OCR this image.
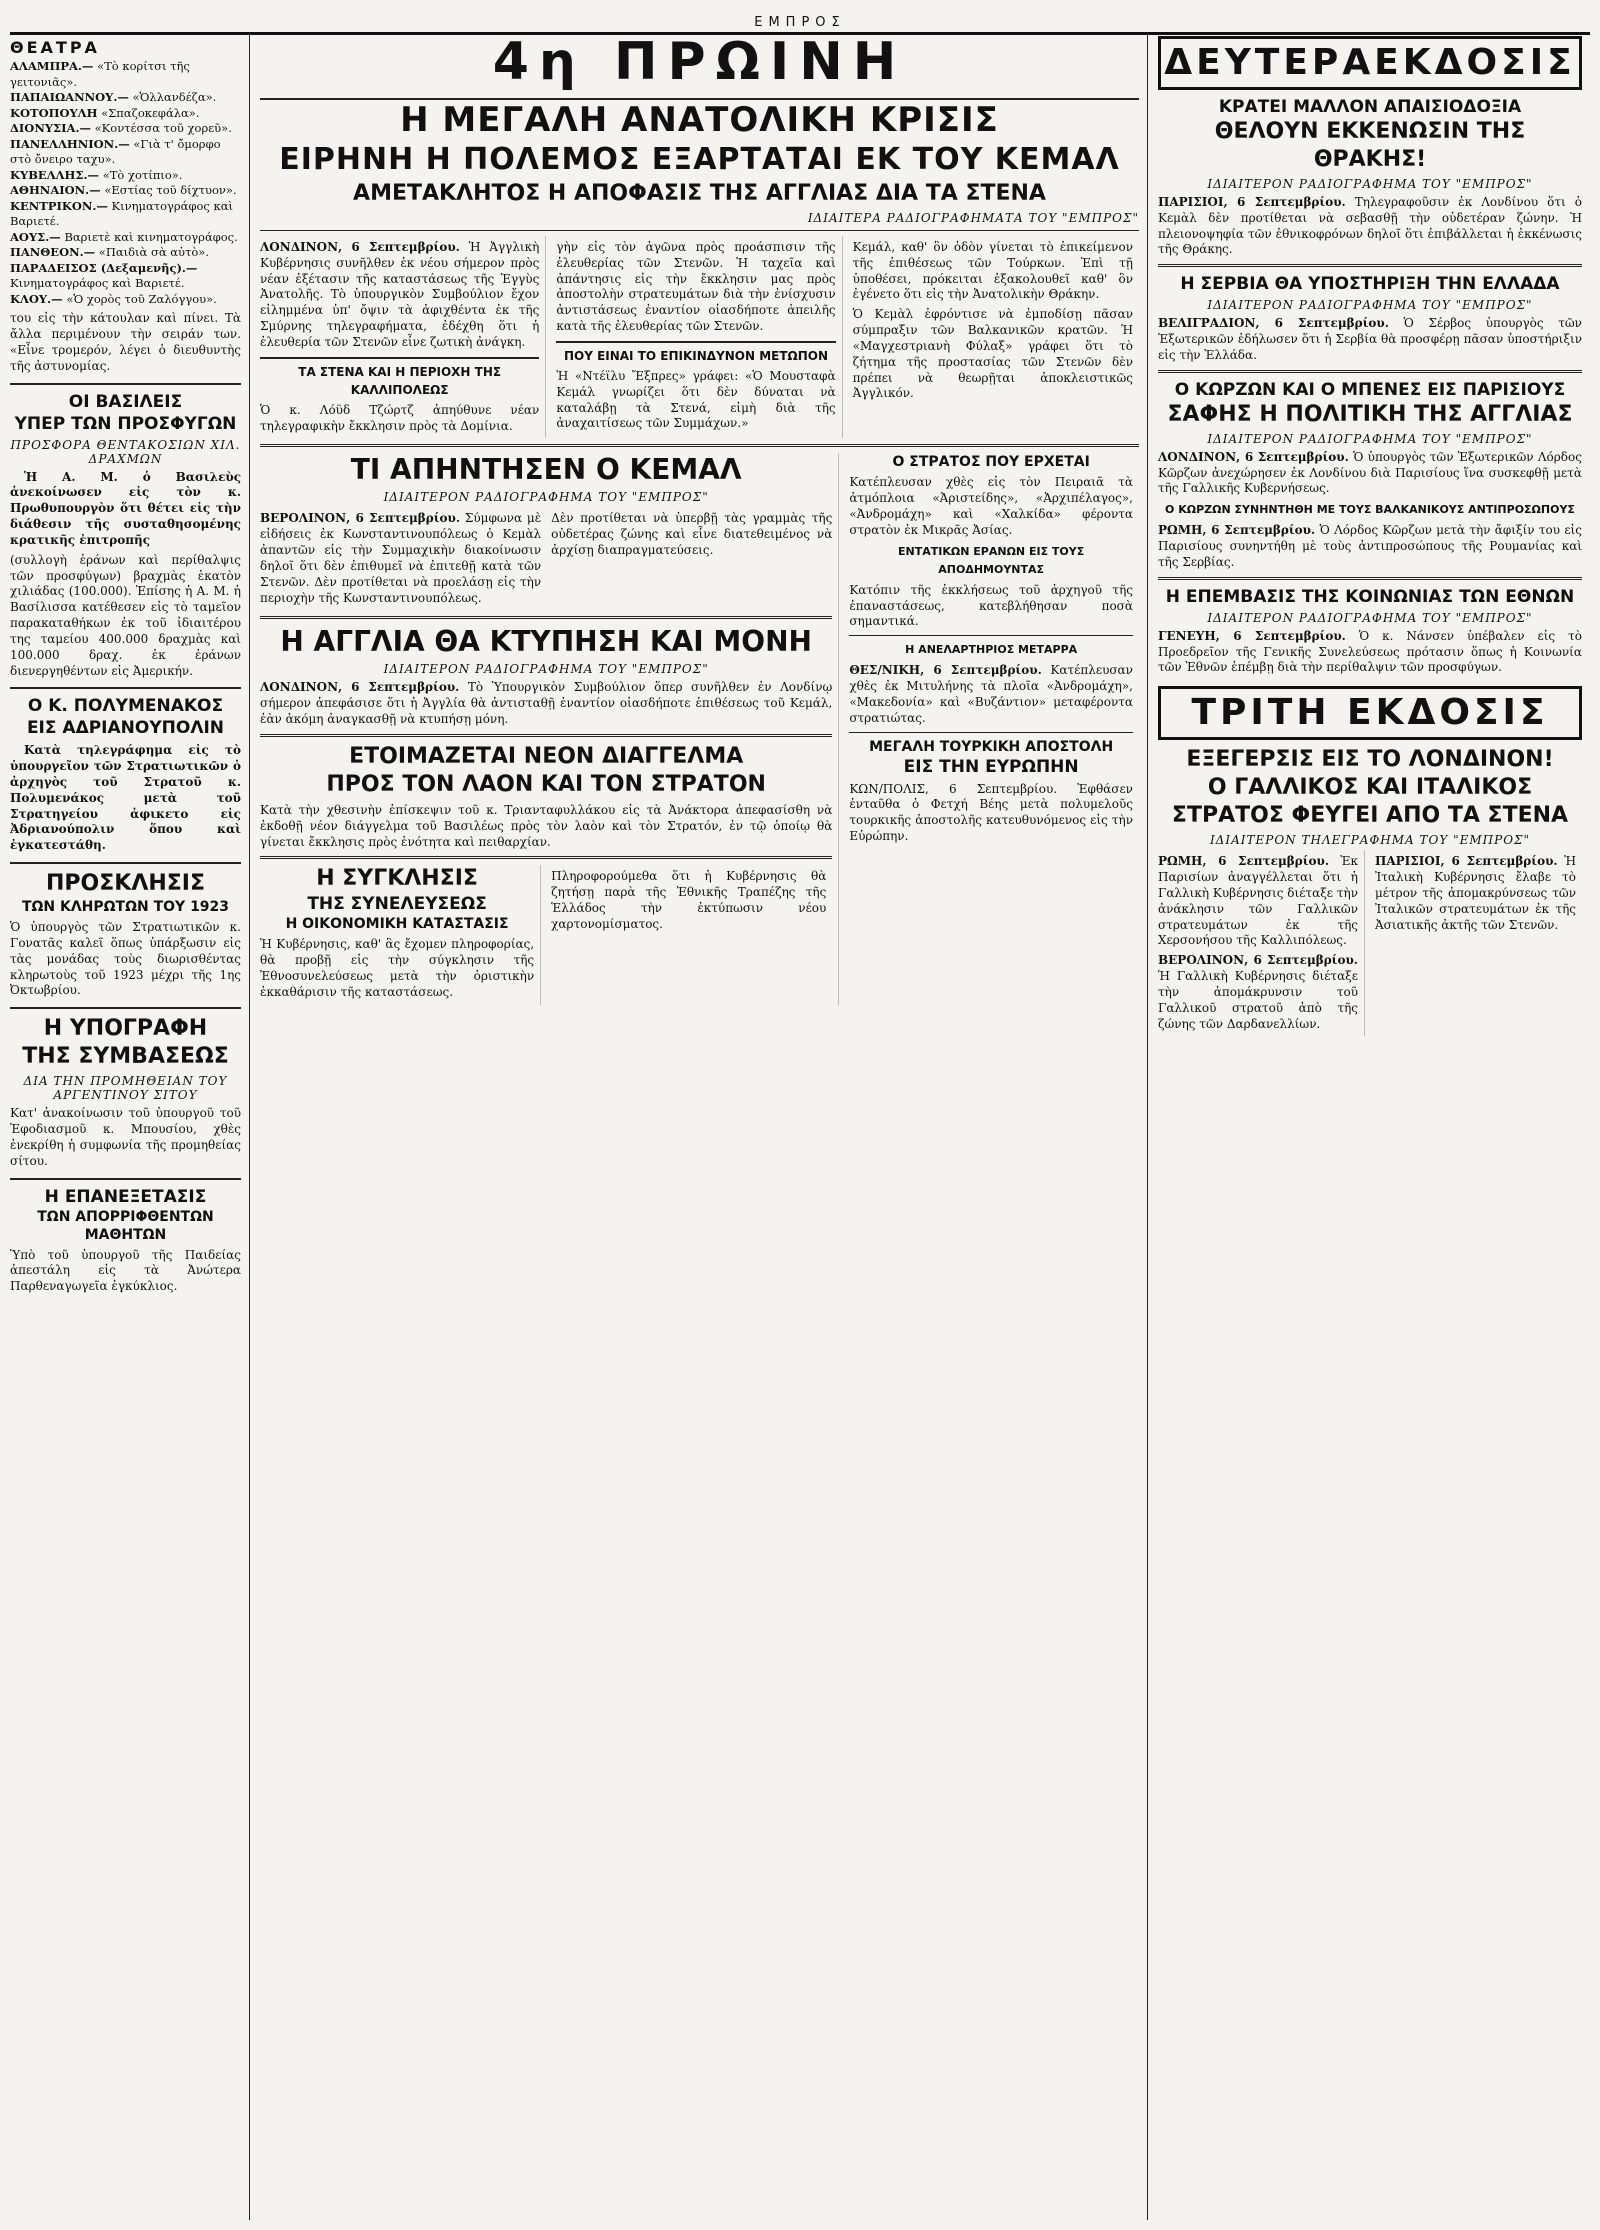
ΕΜΠΡΟΣ
ΘΕΑΤΡΑ
ΑΛΑΜΠΡΑ.— «Τὸ κορίτσι τῆς γειτονιᾶς».
ΠΑΠΑΙΩΑΝΝΟΥ.— «Ὁλλανδέζα».
ΚΟΤΟΠΟΥΛΗ «Σπαζοκεφάλα».
ΔΙΟΝΥΣΙΑ.— «Κοντέσσα τοῦ χορεῦ».
ΠΑΝΕΛΛΗΝΙΟΝ.— «Γιὰ τ' ὄμορφο στὸ ὄνειρο ταχυ».
ΚΥΒΕΛΛΗΣ.— «Τὸ χοτίπιο».
ΑΘΗΝΑΙΟΝ.— «Εστίας τοῦ δίχτυον».
ΚΕΝΤΡΙΚΟΝ.— Κινηματογράφος καὶ Βαριετέ.
ΑΟΥΣ.— Βαριετὲ καὶ κινηματογράφος.
ΠΑΝΘΕΟΝ.— «Παιδιὰ σὰ αὐτὸ».
ΠΑΡΑΔΕΙΣΟΣ (Δεξαμενῆς).— Κινηματογράφος καὶ Βαριετέ.
ΚΛΟΥ.— «Ὁ χορὸς τοῦ Ζαλόγγου».

του εἰς τὴν κάτουλαν καὶ πίνει. Τὰ ἄλλα περιμένουν τὴν σειράν των. «Εἶνε τρομερόν, λέγει ὁ διευθυντὴς τῆς ἀστυνομίας.

ΟΙ ΒΑΣΙΛΕΙΣ
ΥΠΕΡ ΤΩΝ ΠΡΟΣΦΥΓΩΝ
ΠΡΟΣΦΟΡΑ ΘΕΝΤΑΚΟΣΙΩΝ ΧΙΛ. ΔΡΑΧΜΩΝ

Ἡ Α. Μ. ὁ Βασιλεὺς ἀνεκοίνωσεν εἰς τὸν κ. Πρωθυπουργὸν ὅτι θέτει εἰς τὴν διάθεσιν τῆς συσταθησομένης κρατικῆς ἐπιτροπῆς

(συλλογὴ ἐράνων καὶ περίθαλψις τῶν προσφύγων) βραχμὰς ἑκατὸν χιλιάδας (100.000). Ἐπίσης ἡ Α. Μ. ἡ Βασίλισσα κατέθεσεν εἰς τὸ ταμεῖον παρακαταθήκων ἐκ τοῦ ἰδιαιτέρου της ταμείου 400.000 δραχμὰς καὶ 100.000 δραχ. ἐκ ἐράνων διενεργηθέντων εἰς Ἀμερικήν.

Ο Κ. ΠΟΛΥΜΕΝΑΚΟΣ
ΕΙΣ ΑΔΡΙΑΝΟΥΠΟΛΙΝ

Κατὰ τηλεγράφημα εἰς τὸ ὑπουργεῖον τῶν Στρατιωτικῶν ὁ ἀρχηγὸς τοῦ Στρατοῦ κ. Πολυμενάκος μετὰ τοῦ Στρατηγείου ἀφικετο εἰς Ἀδριανούπολιν ὅπου καὶ ἐγκατεστάθη.

ΠΡΟΣΚΛΗΣΙΣ
ΤΩΝ ΚΛΗΡΩΤΩΝ ΤΟΥ 1923

Ὁ ὑπουργὸς τῶν Στρατιωτικῶν κ. Γονατᾶς καλεῖ ὅπως ὑπάρξωσιν εἰς τὰς μονάδας τοὺς διωρισθέντας κληρωτοὺς τοῦ 1923 μέχρι τῆς 1ης Ὀκτωβρίου.

Η ΥΠΟΓΡΑΦΗ
ΤΗΣ ΣΥΜΒΑΣΕΩΣ
ΔΙΑ ΤΗΝ ΠΡΟΜΗΘΕΙΑΝ ΤΟΥ ΑΡΓΕΝΤΙΝΟΥ ΣΙΤΟΥ

Κατ' ἀνακοίνωσιν τοῦ ὑπουργοῦ τοῦ Ἐφοδιασμοῦ κ. Μπουσίου, χθὲς ἐνεκρίθη ἡ συμφωνία τῆς προμηθείας σίτου.

Η ΕΠΑΝΕΞΕΤΑΣΙΣ
ΤΩΝ ΑΠΟΡΡΙΦΘΕΝΤΩΝ ΜΑΘΗΤΩΝ

Ὑπὸ τοῦ ὑπουργοῦ τῆς Παιδείας ἀπεστάλη εἰς τὰ Ἀνώτερα Παρθεναγωγεῖα ἐγκύκλιος.

4η ΠΡΩΙΝΗ
Η ΜΕΓΑΛΗ ΑΝΑΤΟΛΙΚΗ ΚΡΙΣΙΣ
ΕΙΡΗΝΗ Η ΠΟΛΕΜΟΣ ΕΞΑΡΤΑΤΑΙ ΕΚ ΤΟΥ ΚΕΜΑΛ
ΑΜΕΤΑΚΛΗΤΟΣ Η ΑΠΟΦΑΣΙΣ ΤΗΣ ΑΓΓΛΙΑΣ ΔΙΑ ΤΑ ΣΤΕΝΑ
ΙΔΙΑΙΤΕΡΑ ΡΑΔΙΟΓΡΑΦΗΜΑΤΑ ΤΟΥ "ΕΜΠΡΟΣ"

ΛΟΝΔΙΝΟΝ, 6 Σεπτεμβρίου. Ἡ Ἀγγλικὴ Κυβέρνησις συνῆλθεν ἐκ νέου σήμερον πρὸς νέαν ἐξέτασιν τῆς καταστάσεως τῆς Ἐγγὺς Ἀνατολῆς. Τὸ ὑπουργικὸν Συμβούλιον ἔχον εἰλημμένα ὑπ' ὄψιν τὰ ἀφιχθέντα ἐκ τῆς Σμύρνης τηλεγραφήματα, ἐδέχθη ὅτι ἡ ἐλευθερία τῶν Στενῶν εἶνε ζωτικὴ ἀνάγκη.

ΤΑ ΣΤΕΝΑ ΚΑΙ Η ΠΕΡΙΟΧΗ ΤΗΣ ΚΑΛΛΙΠΟΛΕΩΣ

Ὁ κ. Λόϋδ Τζώρτζ ἀπηύθυνε νέαν τηλεγραφικὴν ἔκκλησιν πρὸς τὰ Δομίνια.

γὴν εἰς τὸν ἀγῶνα πρὸς προάσπισιν τῆς ἐλευθερίας τῶν Στενῶν. Ἡ ταχεῖα καὶ ἀπάντησις εἰς τὴν ἔκκλησιν μας πρὸς ἀποστολὴν στρατευμάτων διὰ τὴν ἐνίσχυσιν ἀντιστάσεως ἐναντίον οἱασδήποτε ἀπειλῆς κατὰ τῆς ἐλευθερίας τῶν Στενῶν.

ΠΟΥ ΕΙΝΑΙ ΤΟ ΕΠΙΚΙΝΔΥΝΟΝ ΜΕΤΩΠΟΝ

Ἡ «Ντέϊλυ Ἔξπρες» γράφει: «Ὁ Μουσταφὰ Κεμάλ γνωρίζει ὅτι δὲν δύναται νὰ καταλάβῃ τὰ Στενά, εἰμὴ διὰ τῆς ἀναχαιτίσεως τῶν Συμμάχων.»

Κεμάλ, καθ' ὃν ὁδὸν γίνεται τὸ ἐπικείμενον τῆς ἐπιθέσεως τῶν Τούρκων. Ἐπὶ τῇ ὑποθέσει, πρόκειται ἐξακολουθεῖ καθ' ὃν ἐγένετο ὅτι εἰς τὴν Ἀνατολικὴν Θράκην.

Ὁ Κεμὰλ ἐφρόντισε νὰ ἐμποδίσῃ πᾶσαν σύμπραξιν τῶν Βαλκανικῶν κρατῶν. Ἡ «Μαγχεστριανὴ Φύλαξ» γράφει ὅτι τὸ ζήτημα τῆς προστασίας τῶν Στενῶν δὲν πρέπει νὰ θεωρῇται ἀποκλειστικῶς Ἀγγλικόν.

ΤΙ ΑΠΗΝΤΗΣΕΝ Ο ΚΕΜΑΛ
ΙΔΙΑΙΤΕΡΟΝ ΡΑΔΙΟΓΡΑΦΗΜΑ ΤΟΥ "ΕΜΠΡΟΣ"

ΒΕΡΟΛΙΝΟΝ, 6 Σεπτεμβρίου. Σύμφωνα μὲ εἰδήσεις ἐκ Κωνσταντινουπόλεως ὁ Κεμὰλ ἀπαντῶν εἰς τὴν Συμμαχικὴν διακοίνωσιν δηλοῖ ὅτι δὲν ἐπιθυμεῖ νὰ ἐπιτεθῇ κατὰ τῶν Στενῶν. Δὲν προτίθεται νὰ προελάσῃ εἰς τὴν περιοχὴν τῆς Κωνσταντινουπόλεως.

Δὲν προτίθεται νὰ ὑπερβῇ τὰς γραμμὰς τῆς οὐδετέρας ζώνης καὶ εἶνε διατεθειμένος νὰ ἀρχίσῃ διαπραγματεύσεις.

Η ΑΓΓΛΙΑ ΘΑ ΚΤΥΠΗΣΗ ΚΑΙ ΜΟΝΗ
ΙΔΙΑΙΤΕΡΟΝ ΡΑΔΙΟΓΡΑΦΗΜΑ ΤΟΥ "ΕΜΠΡΟΣ"

ΛΟΝΔΙΝΟΝ, 6 Σεπτεμβρίου. Τὸ Ὑπουργικὸν Συμβούλιον ὅπερ συνῆλθεν ἐν Λονδίνῳ σήμερον ἀπεφάσισε ὅτι ἡ Ἀγγλία θὰ ἀντισταθῇ ἐναντίον οἱασδήποτε ἐπιθέσεως τοῦ Κεμάλ, ἐὰν ἀκόμη ἀναγκασθῇ νὰ κτυπήσῃ μόνη.

ΕΤΟΙΜΑΖΕΤΑΙ ΝΕΟΝ ΔΙΑΓΓΕΛΜΑ
ΠΡΟΣ ΤΟΝ ΛΑΟΝ ΚΑΙ ΤΟΝ ΣΤΡΑΤΟΝ

Κατὰ τὴν χθεσινὴν ἐπίσκεψιν τοῦ κ. Τριανταφυλλάκου εἰς τὰ Ἀνάκτορα ἀπεφασίσθη νὰ ἐκδοθῇ νέον διάγγελμα τοῦ Βασιλέως πρὸς τὸν λαὸν καὶ τὸν Στρατόν, ἐν τῷ ὁποίῳ θὰ γίνεται ἔκκλησις πρὸς ἑνότητα καὶ πειθαρχίαν.

Η ΣΥΓΚΛΗΣΙΣ
ΤΗΣ ΣΥΝΕΛΕΥΣΕΩΣ
Η ΟΙΚΟΝΟΜΙΚΗ ΚΑΤΑΣΤΑΣΙΣ

Ἡ Κυβέρνησις, καθ' ἃς ἔχομεν πληροφορίας, θὰ προβῇ εἰς τὴν σύγκλησιν τῆς Ἐθνοσυνελεύσεως μετὰ τὴν ὁριστικὴν ἐκκαθάρισιν τῆς καταστάσεως.

Πληροφορούμεθα ὅτι ἡ Κυβέρνησις θὰ ζητήσῃ παρὰ τῆς Ἐθνικῆς Τραπέζης τῆς Ἑλλάδος τὴν ἐκτύπωσιν νέου χαρτονομίσματος.

Ο ΣΤΡΑΤΟΣ ΠΟΥ ΕΡΧΕΤΑΙ

Κατέπλευσαν χθὲς εἰς τὸν Πειραιᾶ τὰ ἀτμόπλοια «Ἀριστείδης», «Ἀρχιπέλαγος», «Ἀνδρομάχη» καὶ «Χαλκίδα» φέροντα στρατὸν ἐκ Μικρᾶς Ἀσίας.

ΕΝΤΑΤΙΚΩΝ ΕΡΑΝΩΝ ΕΙΣ ΤΟΥΣ ΑΠΟΔΗΜΟΥΝΤΑΣ

Κατόπιν τῆς ἐκκλήσεως τοῦ ἀρχηγοῦ τῆς ἐπαναστάσεως, κατεβλήθησαν ποσὰ σημαντικά.

Η ΑΝΕΛΑΡΤΗΡΙΟΣ ΜΕΤΑΡΡΑ

ΘΕΣ/ΝΙΚΗ, 6 Σεπτεμβρίου. Κατέπλευσαν χθὲς ἐκ Μιτυλήνης τὰ πλοῖα «Ἀνδρομάχη», «Μακεδονία» καὶ «Βυζάντιον» μεταφέροντα στρατιώτας.

ΜΕΓΑΛΗ ΤΟΥΡΚΙΚΗ ΑΠΟΣΤΟΛΗ
ΕΙΣ ΤΗΝ ΕΥΡΩΠΗΝ

ΚΩΝ/ΠΟΛΙΣ, 6 Σεπτεμβρίου. Ἐφθάσεν ἐνταῦθα ὁ Φετχή Βέης μετὰ πολυμελοῦς τουρκικῆς ἀποστολῆς κατευθυνόμενος εἰς τὴν Εὐρώπην.

ΔΕΥΤΕΡΑΕΚΔΟΣΙΣ
ΚΡΑΤΕΙ ΜΑΛΛΟΝ ΑΠΑΙΣΙΟΔΟΞΙΑ
ΘΕΛΟΥΝ ΕΚΚΕΝΩΣΙΝ ΤΗΣ ΘΡΑΚΗΣ!
ΙΔΙΑΙΤΕΡΟΝ ΡΑΔΙΟΓΡΑΦΗΜΑ ΤΟΥ "ΕΜΠΡΟΣ"

ΠΑΡΙΣΙΟΙ, 6 Σεπτεμβρίου. Τηλεγραφοῦσιν ἐκ Λονδίνου ὅτι ὁ Κεμὰλ δὲν προτίθεται νὰ σεβασθῇ τὴν οὐδετέραν ζώνην. Ἡ πλειονοψηφία τῶν ἐθνικοφρόνων δηλοῖ ὅτι ἐπιβάλλεται ἡ ἐκκένωσις τῆς Θράκης.

Η ΣΕΡΒΙΑ ΘΑ ΥΠΟΣΤΗΡΙΞΗ ΤΗΝ ΕΛΛΑΔΑ
ΙΔΙΑΙΤΕΡΟΝ ΡΑΔΙΟΓΡΑΦΗΜΑ ΤΟΥ "ΕΜΠΡΟΣ"

ΒΕΛΙΓΡΑΔΙΟΝ, 6 Σεπτεμβρίου. Ὁ Σέρβος ὑπουργὸς τῶν Ἐξωτερικῶν ἐδήλωσεν ὅτι ἡ Σερβία θὰ προσφέρῃ πᾶσαν ὑποστήριξιν εἰς τὴν Ἑλλάδα.

Ο ΚΩΡΖΩΝ ΚΑΙ Ο ΜΠΕΝΕΣ ΕΙΣ ΠΑΡΙΣΙΟΥΣ
ΣΑΦΗΣ Η ΠΟΛΙΤΙΚΗ ΤΗΣ ΑΓΓΛΙΑΣ
ΙΔΙΑΙΤΕΡΟΝ ΡΑΔΙΟΓΡΑΦΗΜΑ ΤΟΥ "ΕΜΠΡΟΣ"

ΛΟΝΔΙΝΟΝ, 6 Σεπτεμβρίου. Ὁ ὑπουργὸς τῶν Ἐξωτερικῶν Λόρδος Κῶρζων ἀνεχώρησεν ἐκ Λονδίνου διὰ Παρισίους ἵνα συσκεφθῇ μετὰ τῆς Γαλλικῆς Κυβερνήσεως.

Ο ΚΩΡΖΩΝ ΣΥΝΗΝΤΗΘΗ ΜΕ ΤΟΥΣ ΒΑΛΚΑΝΙΚΟΥΣ ΑΝΤΙΠΡΟΣΩΠΟΥΣ

ΡΩΜΗ, 6 Σεπτεμβρίου. Ὁ Λόρδος Κῶρζων μετὰ τὴν ἄφιξίν του εἰς Παρισίους συνηντήθη μὲ τοὺς ἀντιπροσώπους τῆς Ρουμανίας καὶ τῆς Σερβίας.

Η ΕΠΕΜΒΑΣΙΣ ΤΗΣ ΚΟΙΝΩΝΙΑΣ ΤΩΝ ΕΘΝΩΝ
ΙΔΙΑΙΤΕΡΟΝ ΡΑΔΙΟΓΡΑΦΗΜΑ ΤΟΥ "ΕΜΠΡΟΣ"

ΓΕΝΕΥΗ, 6 Σεπτεμβρίου. Ὁ κ. Νάνσεν ὑπέβαλεν εἰς τὸ Προεδρεῖον τῆς Γενικῆς Συνελεύσεως πρότασιν ὅπως ἡ Κοινωνία τῶν Ἐθνῶν ἐπέμβῃ διὰ τὴν περίθαλψιν τῶν προσφύγων.

ΤΡΙΤΗ ΕΚΔΟΣΙΣ
ΕΞΕΓΕΡΣΙΣ ΕΙΣ ΤΟ ΛΟΝΔΙΝΟΝ!
Ο ΓΑΛΛΙΚΟΣ ΚΑΙ ΙΤΑΛΙΚΟΣ ΣΤΡΑΤΟΣ ΦΕΥΓΕΙ ΑΠΟ ΤΑ ΣΤΕΝΑ
ΙΔΙΑΙΤΕΡΟΝ ΤΗΛΕΓΡΑΦΗΜΑ ΤΟΥ "ΕΜΠΡΟΣ"

ΡΩΜΗ, 6 Σεπτεμβρίου. Ἐκ Παρισίων ἀναγγέλλεται ὅτι ἡ Γαλλικὴ Κυβέρνησις διέταξε τὴν ἀνάκλησιν τῶν Γαλλικῶν στρατευμάτων ἐκ τῆς Χερσονήσου τῆς Καλλιπόλεως.

ΒΕΡΟΛΙΝΟΝ, 6 Σεπτεμβρίου. Ἡ Γαλλικὴ Κυβέρνησις διέταξε τὴν ἀπομάκρυνσιν τοῦ Γαλλικοῦ στρατοῦ ἀπὸ τῆς ζώνης τῶν Δαρδανελλίων.

ΠΑΡΙΣΙΟΙ, 6 Σεπτεμβρίου. Ἡ Ἰταλικὴ Κυβέρνησις ἔλαβε τὸ μέτρον τῆς ἀπομακρύνσεως τῶν Ἰταλικῶν στρατευμάτων ἐκ τῆς Ἀσιατικῆς ἀκτῆς τῶν Στενῶν.
